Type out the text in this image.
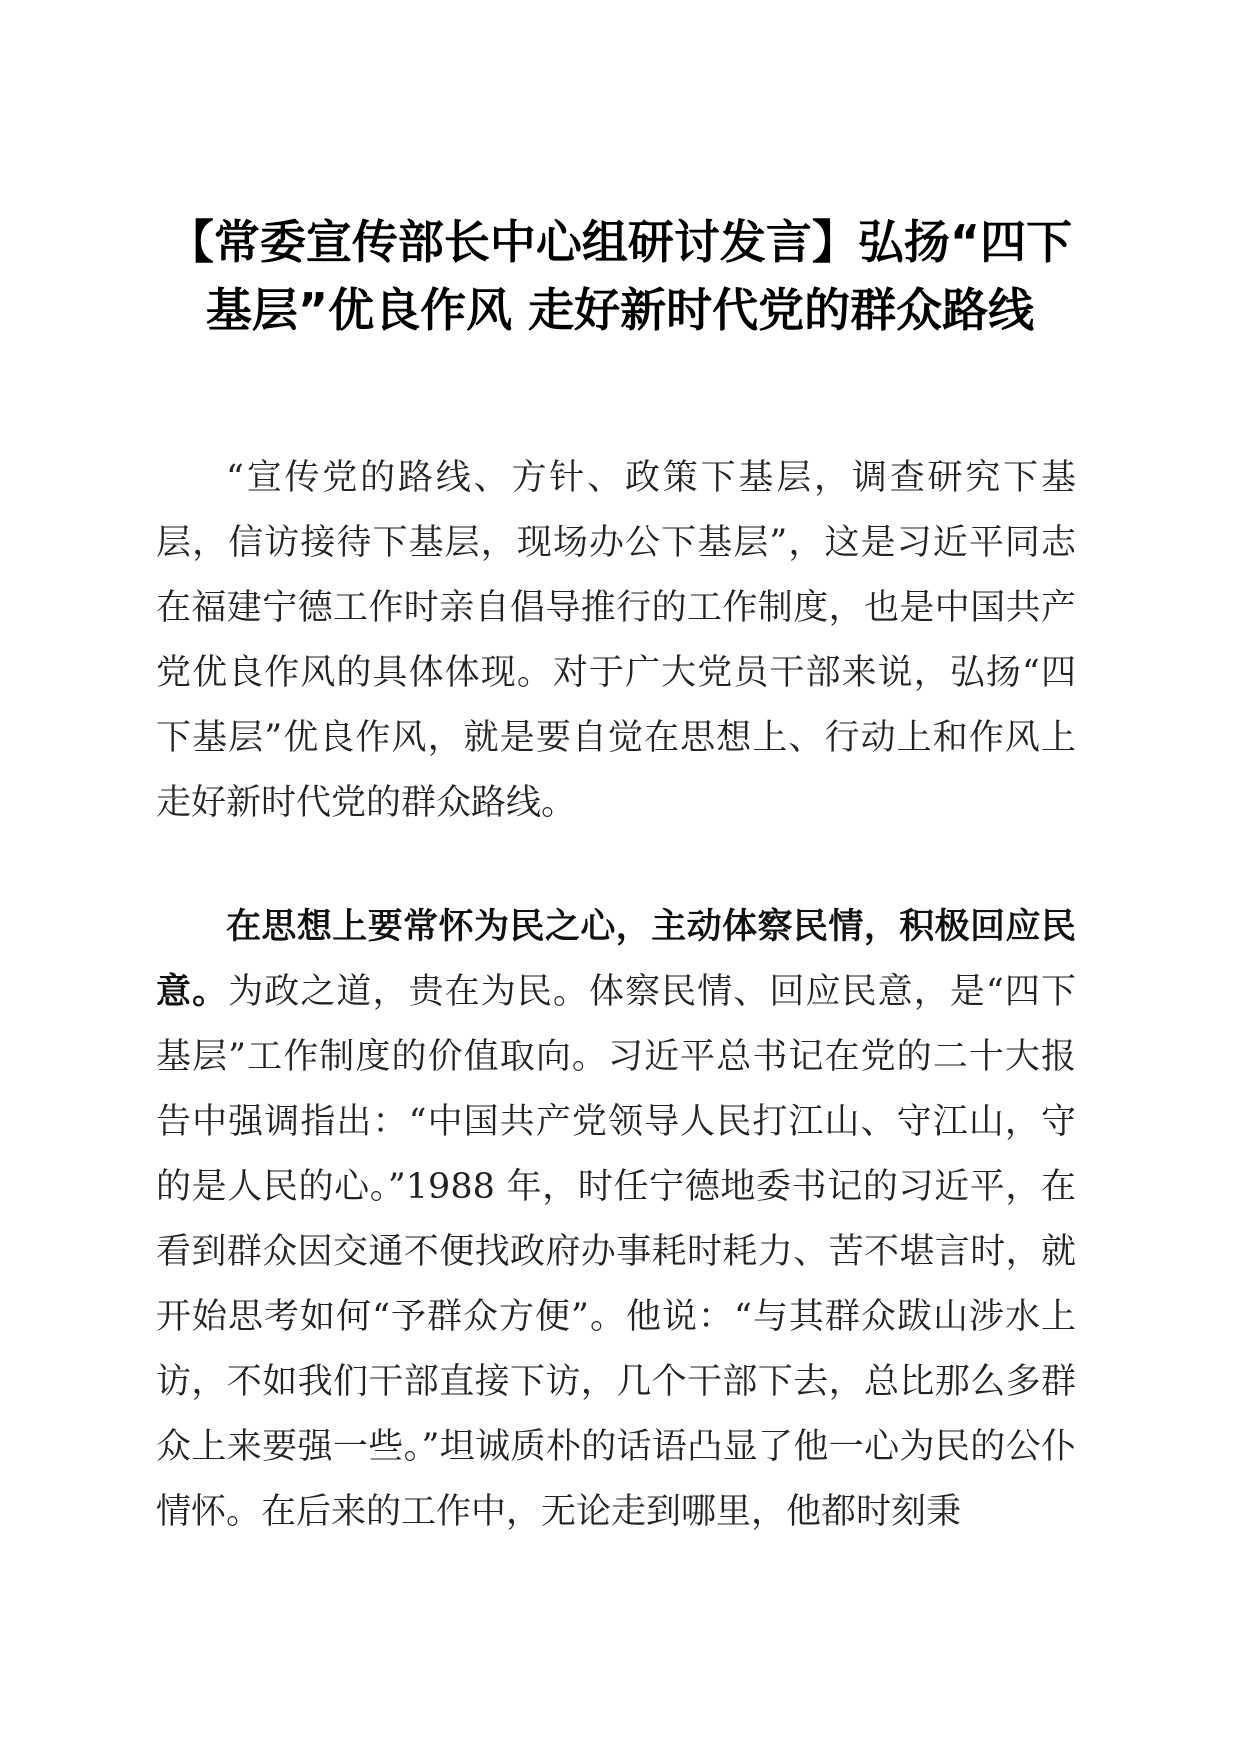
【常委宣传部长中心组研讨发言】弘扬“四下基层”优良作风 走好新时代党的群众路线

“宣传党的路线、方针、政策下基层，调查研究下基层，信访接待下基层，现场办公下基层”，这是习近平同志在福建宁德工作时亲自倡导推行的工作制度，也是中国共产党优良作风的具体体现。对于广大党员干部来说，弘扬“四下基层”优良作风，就是要自觉在思想上、行动上和作风上走好新时代党的群众路线。

在思想上要常怀为民之心，主动体察民情，积极回应民意。为政之道，贵在为民。体察民情、回应民意，是“四下基层”工作制度的价值取向。习近平总书记在党的二十大报告中强调指出：“中国共产党领导人民打江山、守江山，守的是人民的心。”1988 年，时任宁德地委书记的习近平，在看到群众因交通不便找政府办事耗时耗力、苦不堪言时，就开始思考如何“予群众方便”。他说：“与其群众跋山涉水上访，不如我们干部直接下访，几个干部下去，总比那么多群众上来要强一些。”坦诚质朴的话语凸显了他一心为民的公仆情怀。在后来的工作中，无论走到哪里，他都时刻秉
